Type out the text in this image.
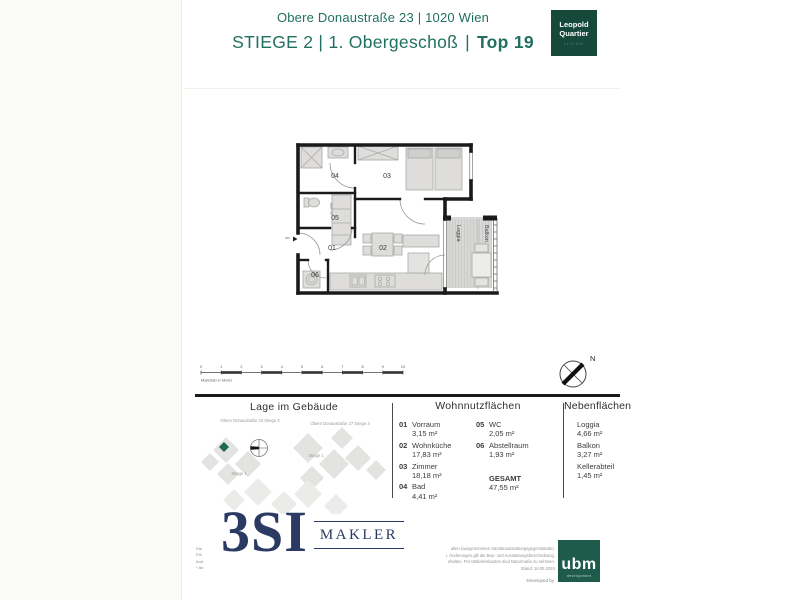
Obere Donaustraße 23 | 1020 Wien
STIEGE 2 | 1. Obergeschoß | Top 19
Leopold
Quartier
LIVING
04	03
05
01	02
06
Loggia	Balkon
WM+TR
2/R
0	1	2	3	4	5	6	7	8	9	10
Maßstab in Meter
N
Lage im Gebäude
Obere Donaustraße 23 Stiege 2
Obere Donaustraße 27 Stiege 3
Stiege 1
Stiege 1
Wohnnutzflächen
01 Vorraum
3,15 m²
02 Wohnküche
17,83 m²
03 Zimmer
18,18 m²
04 Bad
4,41 m²
05 WC
2,05 m²
06 Abstellraum
1,93 m²
GESAMT
47,55 m²
Nebenflächen
Loggia
4,66 m²
Balkon
3,27 m²
Kellerabteil
1,45 m²
3SI MAKLER
Die
Flä
And
* Ab
alten (ausgenommen Sanitärausstattungsgegenstände).
i. Änderungen gilt die Bau- und Ausstattungsbeschreibung.
ehalten. Für Möbeleinbauten sind Naturmaße zu nehmen.
Stand: 16.05.2024
Developed by
ubm
development
